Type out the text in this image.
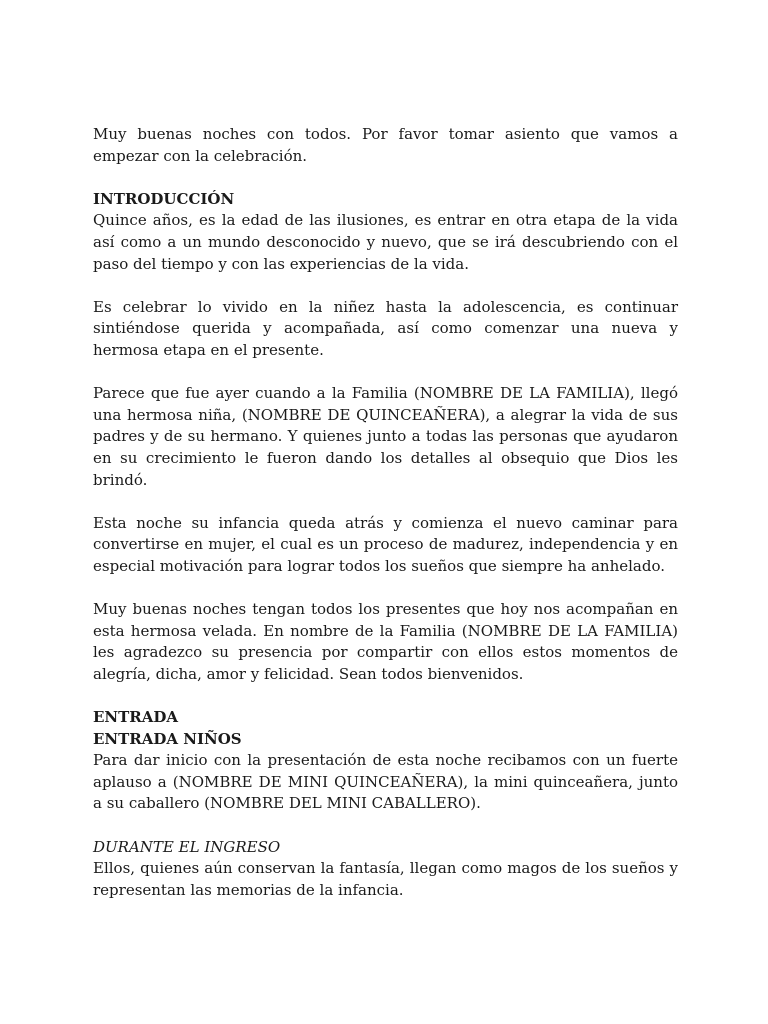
Muy buenas noches con todos. Por favor tomar asiento que vamos a empezar con la celebración.

INTRODUCCIÓN

Quince años, es la edad de las ilusiones, es entrar en otra etapa de la vida así como a un mundo desconocido y nuevo, que se irá descubriendo con el paso del tiempo y con las experiencias de la vida.

Es celebrar lo vivido en la niñez hasta la adolescencia, es continuar sintiéndose querida y acompañada, así como comenzar una nueva y hermosa etapa en el presente.

Parece que fue ayer cuando a la Familia (NOMBRE DE LA FAMILIA), llegó una hermosa niña, (NOMBRE DE QUINCEAÑERA), a alegrar la vida de sus padres y de su hermano. Y quienes junto a todas las personas que ayudaron en su crecimiento le fueron dando los detalles al obsequio que Dios les brindó.

Esta noche su infancia queda atrás y comienza el nuevo caminar para convertirse en mujer, el cual es un proceso de madurez, independencia y en especial motivación para lograr todos los sueños que siempre ha anhelado.

Muy buenas noches tengan todos los presentes que hoy nos acompañan en esta hermosa velada. En nombre de la Familia (NOMBRE DE LA FAMILIA) les agradezco su presencia por compartir con ellos estos momentos de alegría, dicha, amor y felicidad. Sean todos bienvenidos.

ENTRADA

ENTRADA NIÑOS

Para dar inicio con la presentación de esta noche recibamos con un fuerte aplauso a (NOMBRE DE MINI QUINCEAÑERA), la mini quinceañera, junto a su caballero (NOMBRE DEL MINI CABALLERO).

DURANTE EL INGRESO

Ellos, quienes aún conservan la fantasía, llegan como magos de los sueños y representan las memorias de la infancia.
